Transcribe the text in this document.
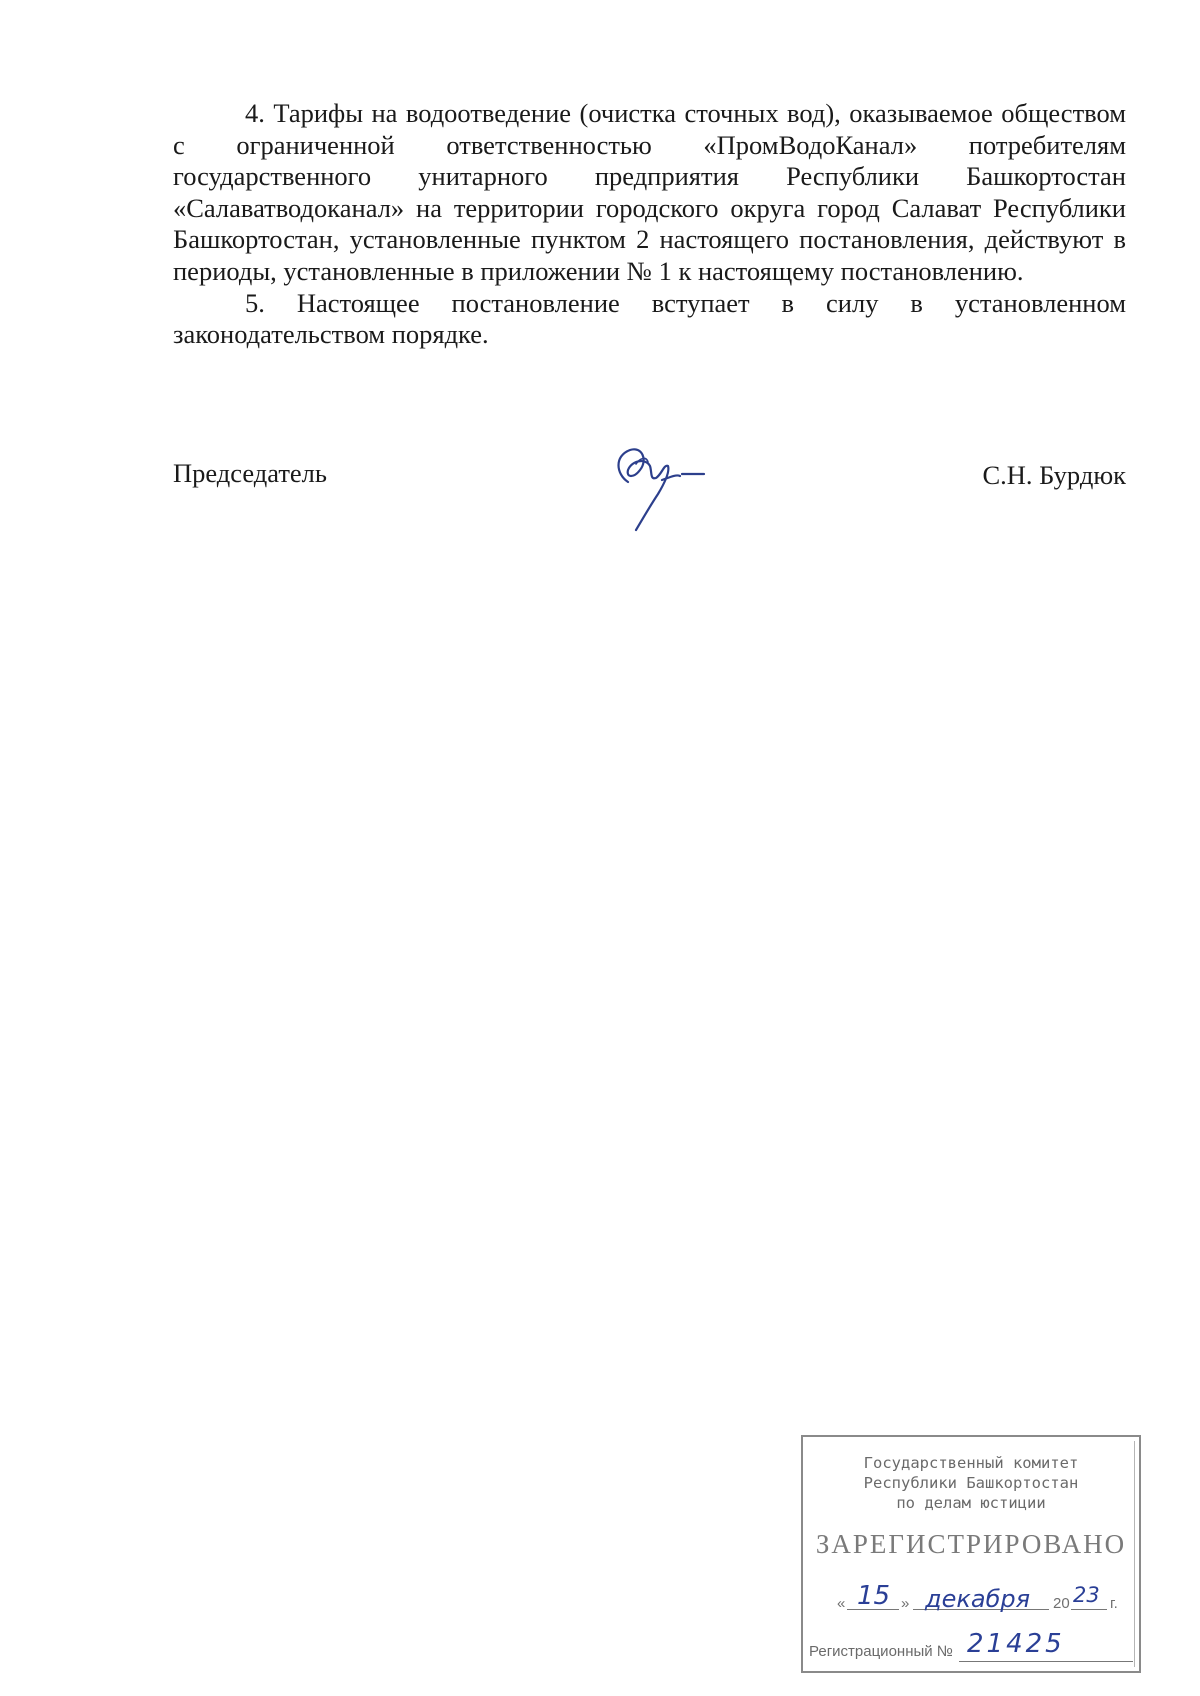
4. Тарифы на водоотведение (очистка сточных вод), оказываемое обществом с ограниченной ответственностью «ПромВодоКанал» потребителям государственного унитарного предприятия Республики Башкортостан «Салаватводоканал» на территории городского округа город Салават Республики Башкортостан, установленные пунктом 2 настоящего постановления, действуют в периоды, установленные в приложении № 1 к настоящему постановлению.

5. Настоящее постановление вступает в силу в установленном законодательством порядке.

Председатель	С.Н. Бурдюк
Государственный комитет
Республики Башкортостан
по делам юстиции
ЗАРЕГИСТРИРОВАНО
« 15 » декабря 20 23 г.
Регистрационный № 21425
